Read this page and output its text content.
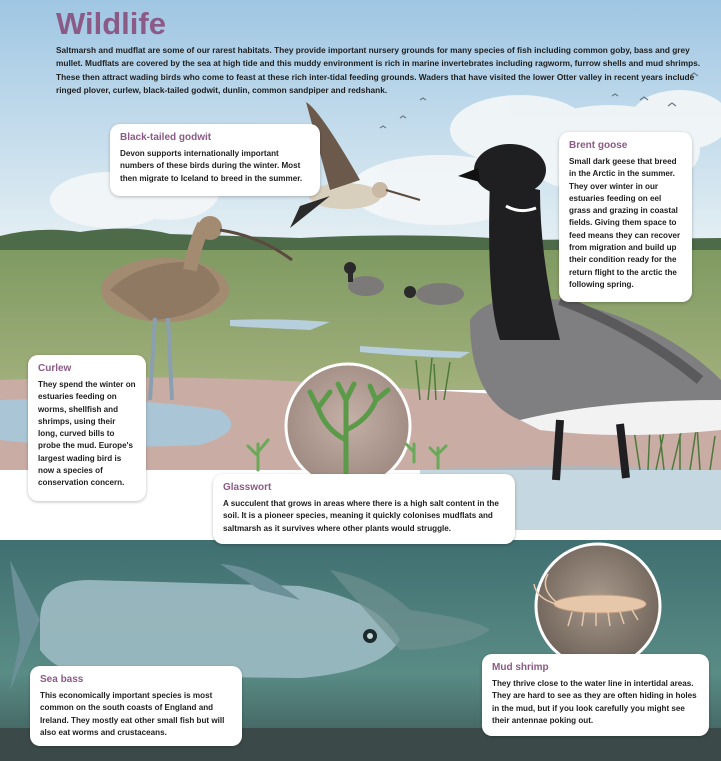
Wildlife

Saltmarsh and mudflat are some of our rarest habitats. They provide important nursery grounds for many species of fish including common goby, bass and grey mullet. Mudflats are covered by the sea at high tide and this muddy environment is rich in marine invertebrates including ragworm, furrow shells and mud shrimps. These then attract wading birds who come to feast at these rich inter-tidal feeding grounds. Waders that have visited the lower Otter valley in recent years include ringed plover, curlew, black-tailed godwit, dunlin, common sandpiper and redshank.

Black-tailed godwit

Devon supports internationally important numbers of these birds during the winter. Most then migrate to Iceland to breed in the summer.

Brent goose

Small dark geese that breed in the Arctic in the summer. They over winter in our estuaries feeding on eel grass and grazing in coastal fields. Giving them space to feed means they can recover from migration and build up their condition ready for the return flight to the arctic the following spring.

Curlew

They spend the winter on estuaries feeding on worms, shellfish and shrimps, using their long, curved bills to probe the mud. Europe's largest wading bird is now a species of conservation concern.	Glasswort

A succulent that grows in areas where there is a high salt content in the soil. It is a pioneer species, meaning it quickly colonises mudflats and saltmarsh as it survives where other plants would struggle.

Sea bass

This economically important species is most common on the south coasts of England and Ireland. They mostly eat other small fish but will also eat worms and crustaceans.

Mud shrimp

They thrive close to the water line in intertidal areas. They are hard to see as they are often hiding in holes in the mud, but if you look carefully you might see their antennae poking out.
